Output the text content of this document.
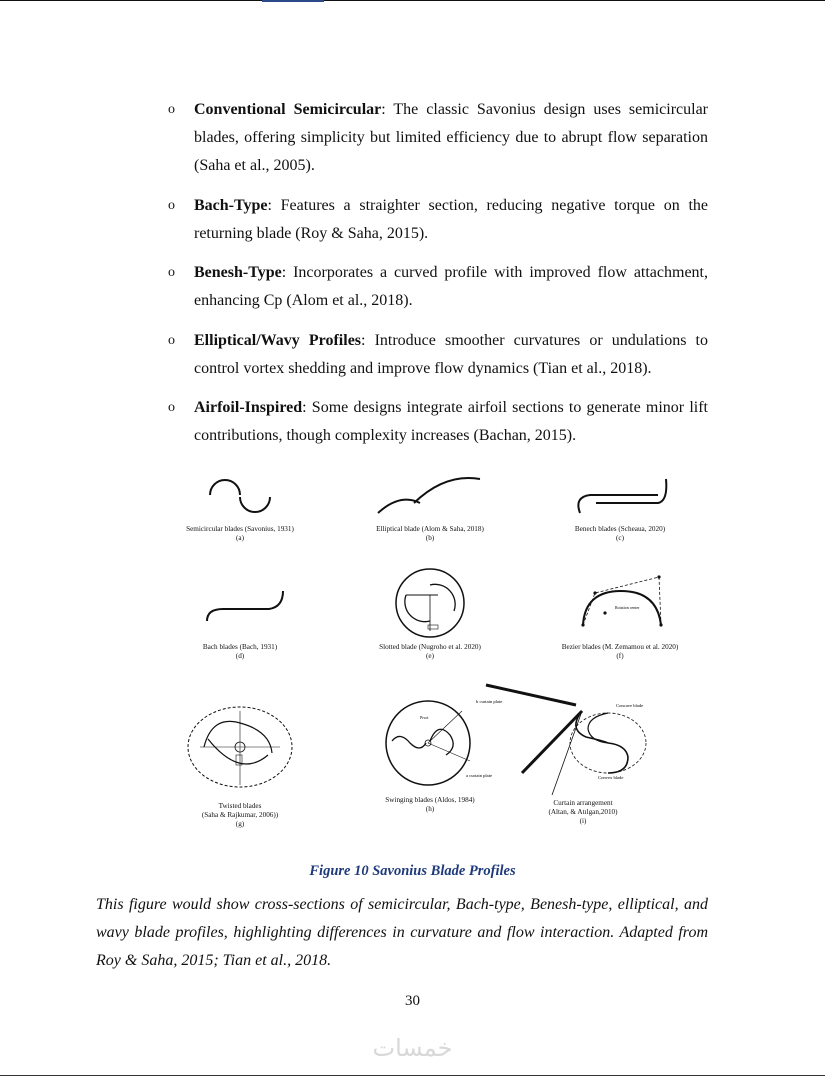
o Conventional Semicircular: The classic Savonius design uses semicircular blades, offering simplicity but limited efficiency due to abrupt flow separation (Saha et al., 2005).
o Bach-Type: Features a straighter section, reducing negative torque on the returning blade (Roy & Saha, 2015).
o Benesh-Type: Incorporates a curved profile with improved flow attachment, enhancing Cp (Alom et al., 2018).
o Elliptical/Wavy Profiles: Introduce smoother curvatures or undulations to control vortex shedding and improve flow dynamics (Tian et al., 2018).
o Airfoil-Inspired: Some designs integrate airfoil sections to generate minor lift contributions, though complexity increases (Bachan, 2015).

Semicircular blades (Savonius, 1931)

(a)

Elliptical blade (Alom & Saha, 2018)

(b)

Benech blades (Scheaua, 2020)

(c)

Bach blades (Bach, 1931)

(d)

Slotted blade (Nugroho et al. 2020)

(e)

Rotation center

Bezier blades (M. Zemamou et al. 2020)

(f)

Twisted blades

(Saha & Rajkumar, 2006))

(g)

Pivot

Swinging blades (Aldos, 1984)

(h)

b curtain plate
a curtain plate
Concave blade
Convex blade

Curtain arrangement

(Altan, & Atılgan,2010)

(i)

Figure 10 Savonius Blade Profiles

This figure would show cross-sections of semicircular, Bach-type, Benesh-type, elliptical, and wavy blade profiles, highlighting differences in curvature and flow interaction. Adapted from Roy & Saha, 2015; Tian et al., 2018.

30
خمسات
